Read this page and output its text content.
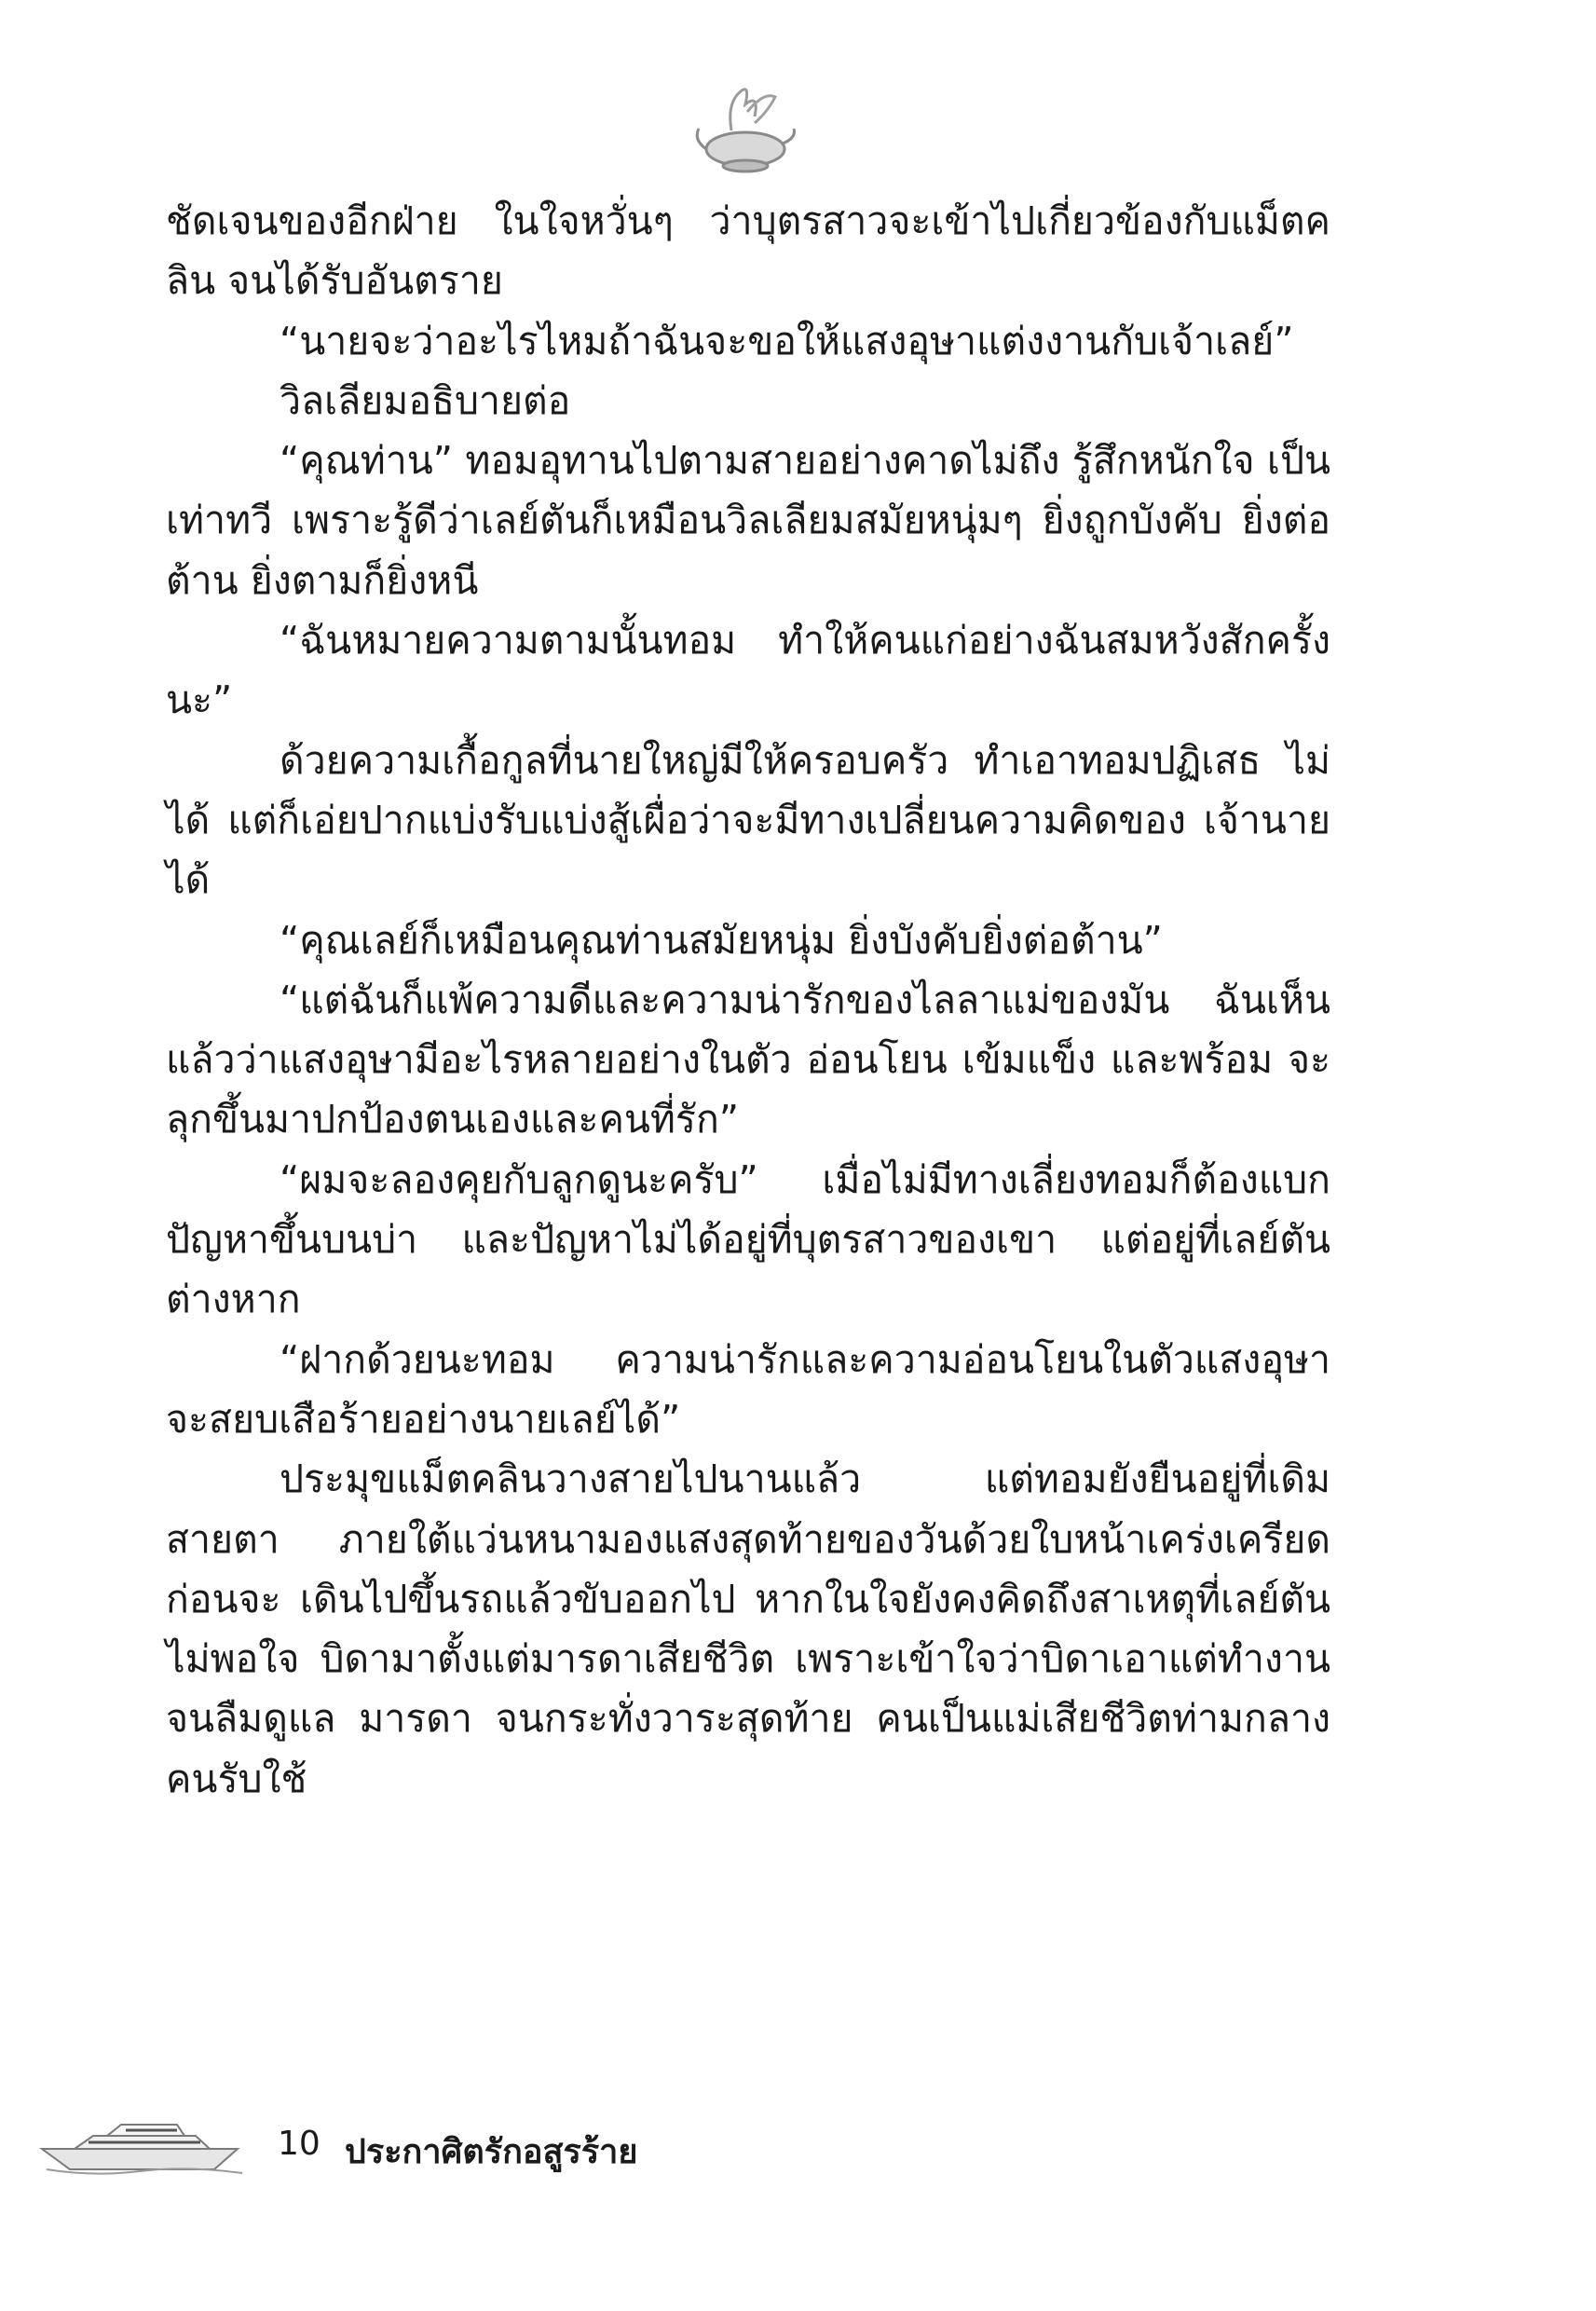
ชัดเจนของอีกฝ่าย ในใจหวั่นๆ ว่าบุตรสาวจะเข้าไปเกี่ยวข้องกับแม็ตคลิน จนได้รับอันตราย

“นายจะว่าอะไรไหมถ้าฉันจะขอให้แสงอุษาแต่งงานกับเจ้าเลย์”

วิลเลียมอธิบายต่อ

“คุณท่าน” ทอมอุทานไปตามสายอย่างคาดไม่ถึง รู้สึกหนักใจ เป็นเท่าทวี เพราะรู้ดีว่าเลย์ตันก็เหมือนวิลเลียมสมัยหนุ่มๆ ยิ่งถูกบังคับ ยิ่งต่อต้าน ยิ่งตามก็ยิ่งหนี

“ฉันหมายความตามนั้นทอม ทำให้คนแก่อย่างฉันสมหวังสักครั้ง นะ”

ด้วยความเกื้อกูลที่นายใหญ่มีให้ครอบครัว ทำเอาทอมปฏิเสธ ไม่ได้ แต่ก็เอ่ยปากแบ่งรับแบ่งสู้เผื่อว่าจะมีทางเปลี่ยนความคิดของ เจ้านายได้

“คุณเลย์ก็เหมือนคุณท่านสมัยหนุ่ม ยิ่งบังคับยิ่งต่อต้าน”

“แต่ฉันก็แพ้ความดีและความน่ารักของไลลาแม่ของมัน ฉันเห็น แล้วว่าแสงอุษามีอะไรหลายอย่างในตัว อ่อนโยน เข้มแข็ง และพร้อม จะลุกขึ้นมาปกป้องตนเองและคนที่รัก”

“ผมจะลองคุยกับลูกดูนะครับ” เมื่อไม่มีทางเลี่ยงทอมก็ต้องแบก ปัญหาขึ้นบนบ่า และปัญหาไม่ได้อยู่ที่บุตรสาวของเขา แต่อยู่ที่เลย์ตัน ต่างหาก

“ฝากด้วยนะทอม ความน่ารักและความอ่อนโยนในตัวแสงอุษา จะสยบเสือร้ายอย่างนายเลย์ได้”

ประมุขแม็ตคลินวางสายไปนานแล้ว แต่ทอมยังยืนอยู่ที่เดิม สายตา ภายใต้แว่นหนามองแสงสุดท้ายของวันด้วยใบหน้าเคร่งเครียด ก่อนจะ เดินไปขึ้นรถแล้วขับออกไป หากในใจยังคงคิดถึงสาเหตุที่เลย์ตันไม่พอใจ บิดามาตั้งแต่มารดาเสียชีวิต เพราะเข้าใจว่าบิดาเอาแต่ทำงานจนลืมดูแล มารดา จนกระทั่งวาระสุดท้าย คนเป็นแม่เสียชีวิตท่ามกลางคนรับใช้

10 ประกาศิตรักอสูรร้าย
